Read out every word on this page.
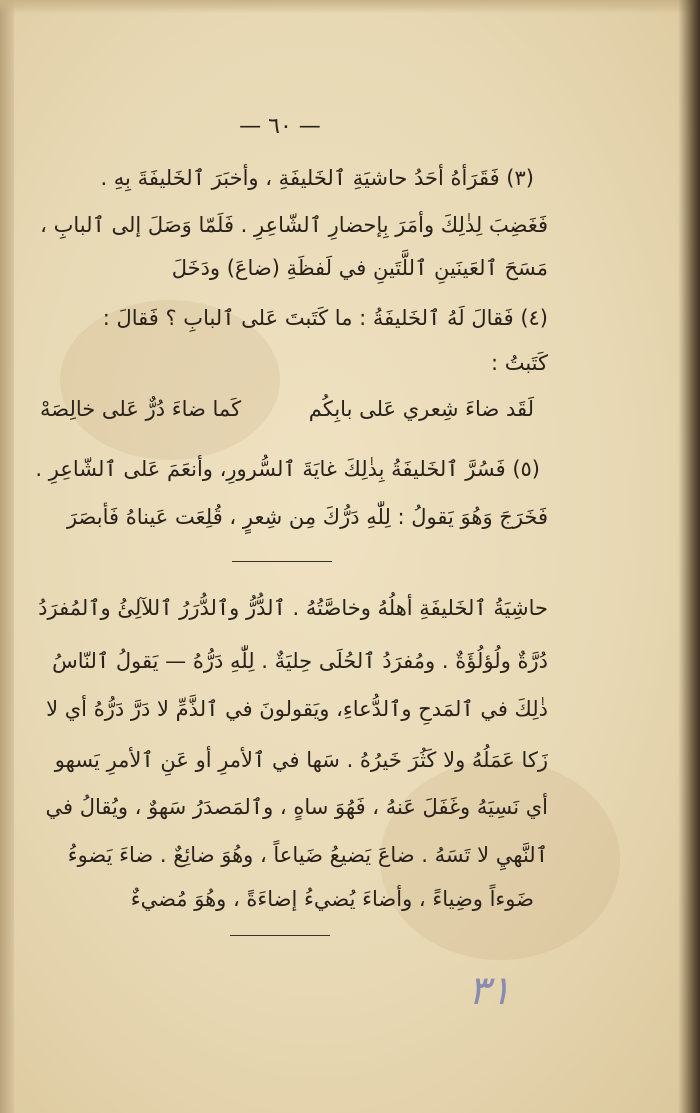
— ٦٠ —
(٣) فَقَرَأهُ أحَدُ حاشيَةِ ٱلخَليفَةِ ، وأخبَرَ ٱلخَليفَةَ بِهِ .
فَغَضِبَ لِذٰلِكَ وأمَرَ بِإحضارِ ٱلشّاعِرِ . فَلَمّا وَصَلَ إلى ٱلبابِ ،
مَسَحَ ٱلعَينَينِ ٱللَّتَينِ في لَفظَةِ (ضاعَ) ودَخَلَ
(٤) فَقالَ لَهُ ٱلخَليفَةُ : ما كَتَبتَ عَلى ٱلبابِ ؟ فَقالَ :
كَتَبتُ :
لَقَد ضاءَ شِعري عَلى بابِكُم
كَما ضاءَ دُرٌّ عَلى خالِصَهْ
(٥) فَسُرَّ ٱلخَليفَةُ بِذٰلِكَ غايَةَ ٱلسُّرورِ، وأنعَمَ عَلى ٱلشّاعِرِ .
فَخَرَجَ وَهُوَ يَقولُ : لِلّٰهِ دَرُّكَ مِن شِعرٍ ، قُلِعَت عَيناهُ فَأبصَرَ
حاشِيَةُ ٱلخَليفَةِ أهلُهُ وخاصَّتُهُ . ٱلدُّرُّ وٱلدُّرَرُ ٱللآلِئُ وٱلمُفرَدُ
دُرَّةٌ ولُؤلُؤَةٌ . ومُفرَدُ ٱلحُلَى حِليَةٌ . لِلّٰهِ دَرُّهُ — يَقولُ ٱلنّاسُ
ذٰلِكَ في ٱلمَدحِ وٱلدُّعاءِ، ويَقولونَ في ٱلذَّمِّ لا دَرَّ دَرُّهُ أي لا
زَكا عَمَلُهُ ولا كَثُرَ خَيرُهُ . سَها في ٱلأمرِ أو عَنِ ٱلأمرِ يَسهو
أي نَسِيَهُ وغَفَلَ عَنهُ ، فَهُوَ ساهٍ ، وٱلمَصدَرُ سَهوٌ ، ويُقالُ في
ٱلنَّهيِ لا تَسَهُ . ضاعَ يَضيعُ ضَياعاً ، وهُوَ ضائِعٌ . ضاءَ يَضوءُ
ضَوءاً وضِياءً ، وأضاءَ يُضيءُ إضاءَةً ، وهُوَ مُضيءٌ
٣١
